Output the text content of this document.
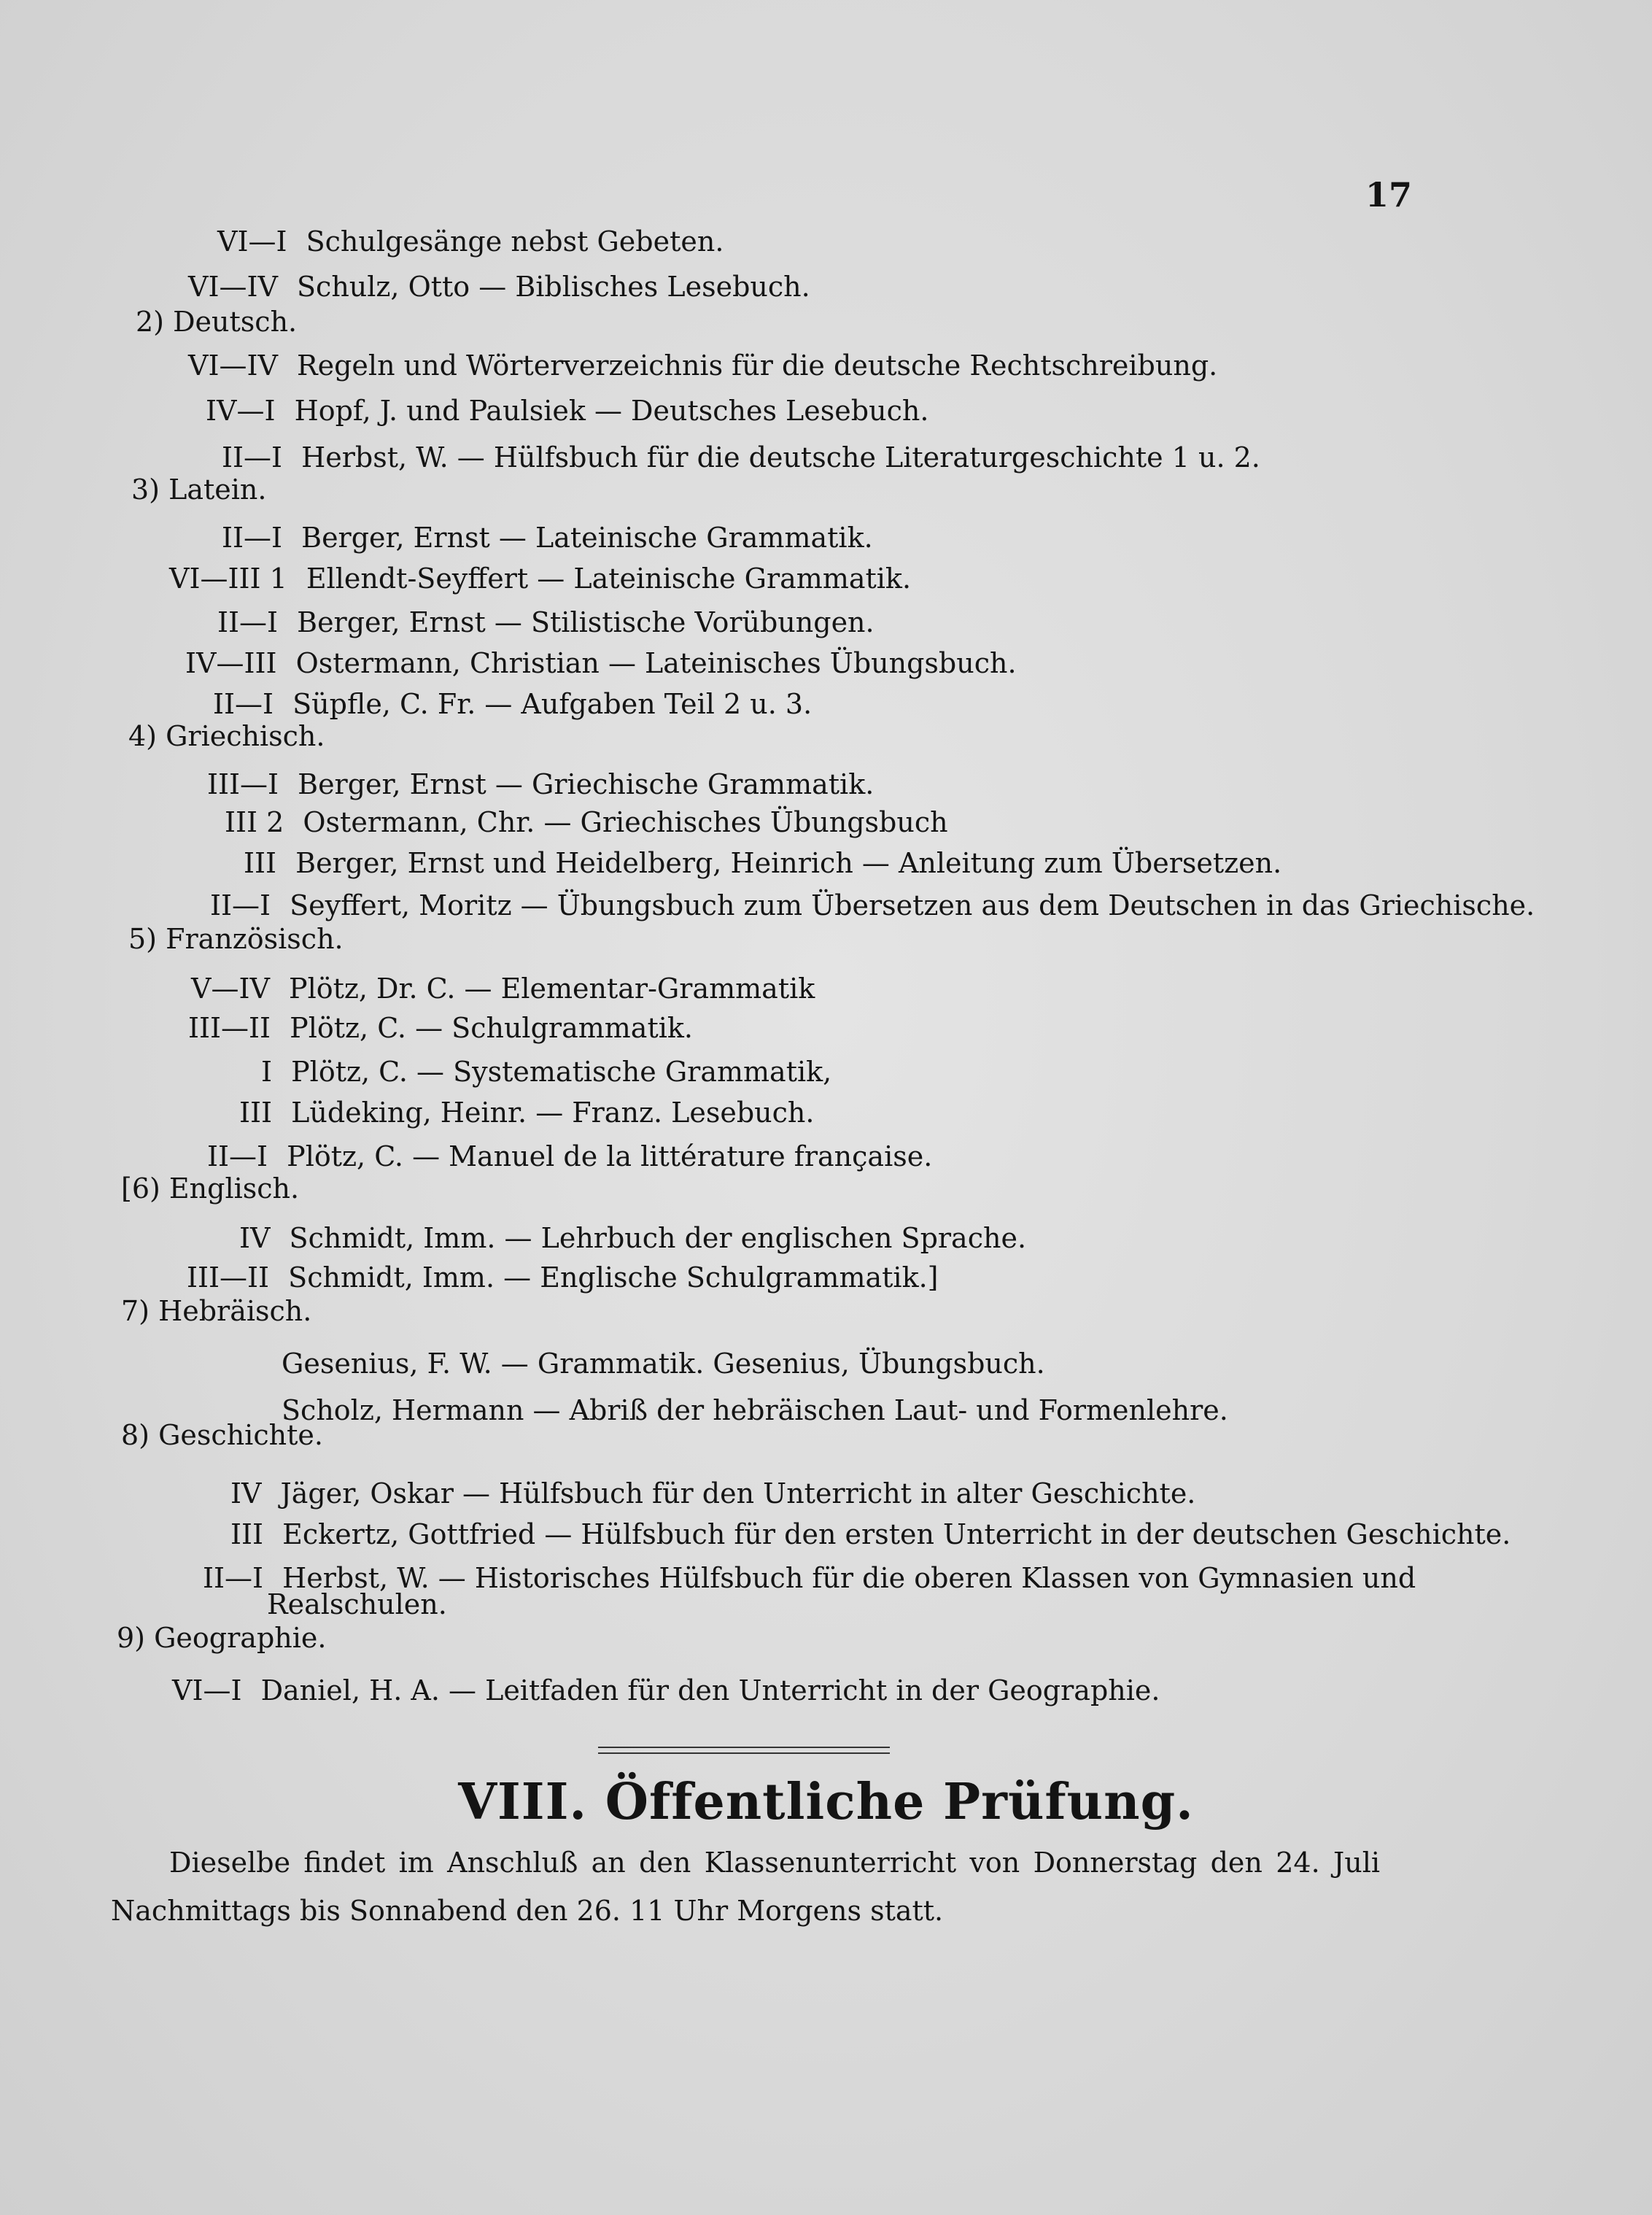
17
VI—I Schulgesänge nebst Gebeten.
VI—IV Schulz, Otto — Biblisches Lesebuch.
2) Deutsch.
VI—IV Regeln und Wörterverzeichnis für die deutsche Rechtschreibung.
IV—I Hopf, J. und Paulsiek — Deutsches Lesebuch.
II—I Herbst, W. — Hülfsbuch für die deutsche Literaturgeschichte 1 u. 2.
3) Latein.
II—I Berger, Ernst — Lateinische Grammatik.
VI—III 1 Ellendt-Seyffert — Lateinische Grammatik.
II—I Berger, Ernst — Stilistische Vorübungen.
IV—III Ostermann, Christian — Lateinisches Übungsbuch.
II—I Süpfle, C. Fr. — Aufgaben Teil 2 u. 3.
4) Griechisch.
III—I Berger, Ernst — Griechische Grammatik.
III 2 Ostermann, Chr. — Griechisches Übungsbuch
III Berger, Ernst und Heidelberg, Heinrich — Anleitung zum Übersetzen.
II—I Seyffert, Moritz — Übungsbuch zum Übersetzen aus dem Deutschen in das Griechische.
5) Französisch.
V—IV Plötz, Dr. C. — Elementar-Grammatik
III—II Plötz, C. — Schulgrammatik.
I Plötz, C. — Systematische Grammatik,
III Lüdeking, Heinr. — Franz. Lesebuch.
II—I Plötz, C. — Manuel de la littérature française.
[6) Englisch.
IV Schmidt, Imm. — Lehrbuch der englischen Sprache.
III—II Schmidt, Imm. — Englische Schulgrammatik.]
7) Hebräisch.
Gesenius, F. W. — Grammatik. Gesenius, Übungsbuch.
Scholz, Hermann — Abriß der hebräischen Laut- und Formenlehre.
8) Geschichte.
IV Jäger, Oskar — Hülfsbuch für den Unterricht in alter Geschichte.
III Eckertz, Gottfried — Hülfsbuch für den ersten Unterricht in der deutschen Geschichte.
II—I Herbst, W. — Historisches Hülfsbuch für die oberen Klassen von Gymnasien und
Realschulen.
9) Geographie.
VI—I Daniel, H. A. — Leitfaden für den Unterricht in der Geographie.
VIII. Öffentliche Prüfung.
Dieselbe findet im Anschluß an den Klassenunterricht von Donnerstag den 24. Juli Nachmittags bis Sonnabend den 26. 11 Uhr Morgens statt.
